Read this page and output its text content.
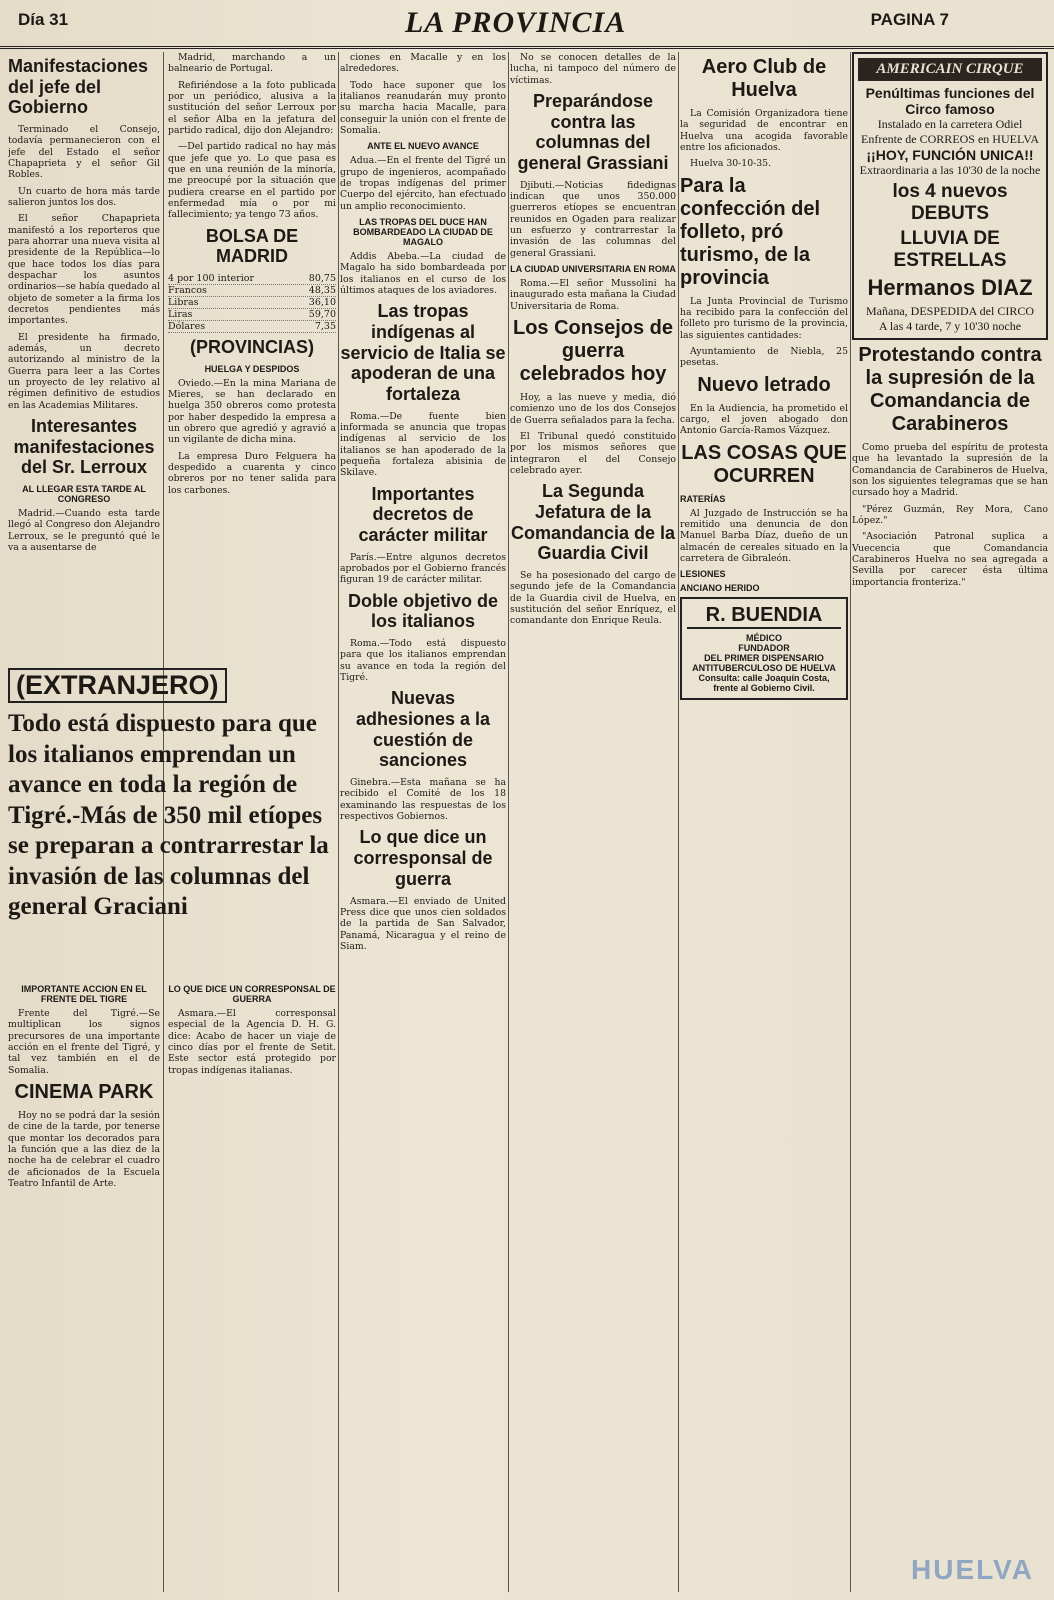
Día 31	LA PROVINCIA	PAGINA 7
Manifestaciones del jefe del Gobierno

Terminado el Consejo, todavía permanecieron con el jefe del Estado el señor Chapaprieta y el señor Gil Robles.

Un cuarto de hora más tarde salieron juntos los dos.

El señor Chapaprieta manifestó a los reporteros que para ahorrar una nueva visita al presidente de la República—lo que hace todos los días para despachar los asuntos ordinarios—se había quedado al objeto de someter a la firma los decretos pendientes más importantes.

El presidente ha firmado, además, un decreto autorizando al ministro de la Guerra para leer a las Cortes un proyecto de ley relativo al régimen definitivo de estudios en las Academias Militares.

Interesantes manifestaciones del Sr. Lerroux
AL LLEGAR ESTA TARDE AL CONGRESO

Madrid.—Cuando esta tarde llegó al Congreso don Alejandro Lerroux, se le preguntó qué le va a ausentarse de

Madrid, marchando a un balneario de Portugal.

Refiriéndose a la foto publicada por un periódico, alusiva a la sustitución del señor Lerroux por el señor Alba en la jefatura del partido radical, dijo don Alejandro:

—Del partido radical no hay más que jefe que yo. Lo que pasa es que en una reunión de la minoría, me preocupé por la situación que pudiera crearse en el partido por enfermedad mía o por mi fallecimiento; ya tengo 73 años.

BOLSA DE MADRID
4 por 100 interior	80,75
Francos	48,35
Libras	36,10
Liras	59,70
Dólares	7,35
(PROVINCIAS)
HUELGA Y DESPIDOS

Oviedo.—En la mina Mariana de Mieres, se han declarado en huelga 350 obreros como protesta por haber despedido la empresa a un obrero que agredió y agravió a un vigilante de dicha mina.

La empresa Duro Felguera ha despedido a cuarenta y cinco obreros por no tener salida para los carbones.

(EXTRANJERO)
Todo está dispuesto para que los italianos emprendan un avance en toda la región de Tigré.-Más de 350 mil etíopes se preparan a contrarrestar la invasión de las columnas del general Graciani
IMPORTANTE ACCION EN EL FRENTE DEL TIGRE

Frente del Tigré.—Se multiplican los signos precursores de una importante acción en el frente del Tigré, y tal vez también en el de Somalia.

CINEMA PARK

Hoy no se podrá dar la sesión de cine de la tarde, por tenerse que montar los decorados para la función que a las diez de la noche ha de celebrar el cuadro de aficionados de la Escuela Teatro Infantil de Arte.

LO QUE DICE UN CORRESPONSAL DE GUERRA

Asmara.—El corresponsal especial de la Agencia D. H. G. dice: Acabo de hacer un viaje de cinco días por el frente de Setit. Este sector está protegido por tropas indígenas italianas.

ciones en Macalle y en los alrededores.

Todo hace suponer que los italianos reanudarán muy pronto su marcha hacia Macalle, para conseguir la unión con el frente de Somalia.

ANTE EL NUEVO AVANCE

Adua.—En el frente del Tigré un grupo de ingenieros, acompañado de tropas indígenas del primer Cuerpo del ejército, han efectuado un amplio reconocimiento.

LAS TROPAS DEL DUCE HAN BOMBARDEADO LA CIUDAD DE MAGALO

Addis Abeba.—La ciudad de Magalo ha sido bombardeada por los italianos en el curso de los últimos ataques de los aviadores.

Las tropas indígenas al servicio de Italia se apoderan de una fortaleza

Roma.—De fuente bien informada se anuncia que tropas indígenas al servicio de los italianos se han apoderado de la pequeña fortaleza abisinia de Skilave.

Importantes decretos de carácter militar

París.—Entre algunos decretos aprobados por el Gobierno francés figuran 19 de carácter militar.

Doble objetivo de los italianos

Roma.—Todo está dispuesto para que los italianos emprendan su avance en toda la región del Tigré.

Nuevas adhesiones a la cuestión de sanciones

Ginebra.—Esta mañana se ha recibido el Comité de los 18 examinando las respuestas de los respectivos Gobiernos.

Lo que dice un corresponsal de guerra

Asmara.—El enviado de United Press dice que unos cien soldados de la partida de San Salvador, Panamá, Nicaragua y el reino de Siam.

No se conocen detalles de la lucha, ni tampoco del número de víctimas.

Preparándose contra las columnas del general Grassiani

Djibuti.—Noticias fidedignas indican que unos 350.000 guerreros etíopes se encuentran reunidos en Ogaden para realizar un esfuerzo y contrarrestar la invasión de las columnas del general Grassiani.

LA CIUDAD UNIVERSITARIA EN ROMA

Roma.—El señor Mussolini ha inaugurado esta mañana la Ciudad Universitaria de Roma.

Los Consejos de guerra celebrados hoy

Hoy, a las nueve y media, dió comienzo uno de los dos Consejos de Guerra señalados para la fecha.

El Tribunal quedó constituido por los mismos señores que integraron el del Consejo celebrado ayer.

La Segunda Jefatura de la Comandancia de la Guardia Civil

Se ha posesionado del cargo de segundo jefe de la Comandancia de la Guardia civil de Huelva, en sustitución del señor Enríquez, el comandante don Enrique Reula.

Aero Club de Huelva

La Comisión Organizadora tiene la seguridad de encontrar en Huelva una acogida favorable entre los aficionados.

Huelva 30-10-35.

Para la confección del folleto, pró turismo, de la provincia

La Junta Provincial de Turismo ha recibido para la confección del folleto pro turismo de la provincia, las siguientes cantidades:

Ayuntamiento de Niebla, 25 pesetas.

Nuevo letrado

En la Audiencia, ha prometido el cargo, el joven abogado don Antonio García-Ramos Vázquez.

LAS COSAS QUE OCURREN
RATERÍAS

Al Juzgado de Instrucción se ha remitido una denuncia de don Manuel Barba Díaz, dueño de un almacén de cereales situado en la carretera de Gibraleón.

LESIONES
ANCIANO HERIDO
R. BUENDIA
MÉDICO
FUNDADOR
DEL PRIMER DISPENSARIO ANTITUBERCULOSO DE HUELVA
Consulta: calle Joaquín Costa, frente al Gobierno Civil.
AMERICAIN CIRQUE
Penúltimas funciones del Circo famoso
Instalado en la carretera Odiel
Enfrente de CORREOS en HUELVA
¡¡HOY, FUNCIÓN UNICA!!
Extraordinaria a las 10'30 de la noche
los 4 nuevos DEBUTS
LLUVIA DE ESTRELLAS
Hermanos DIAZ
Mañana, DESPEDIDA del CIRCO
A las 4 tarde, 7 y 10'30 noche
Protestando contra la supresión de la Comandancia de Carabineros

Como prueba del espíritu de protesta que ha levantado la supresión de la Comandancia de Carabineros de Huelva, son los siguientes telegramas que se han cursado hoy a Madrid.

"Pérez Guzmán, Rey Mora, Cano López."

"Asociación Patronal suplica a Vuecencia que Comandancia Carabineros Huelva no sea agregada a Sevilla por carecer ésta última importancia fronteriza."

HUELVA
